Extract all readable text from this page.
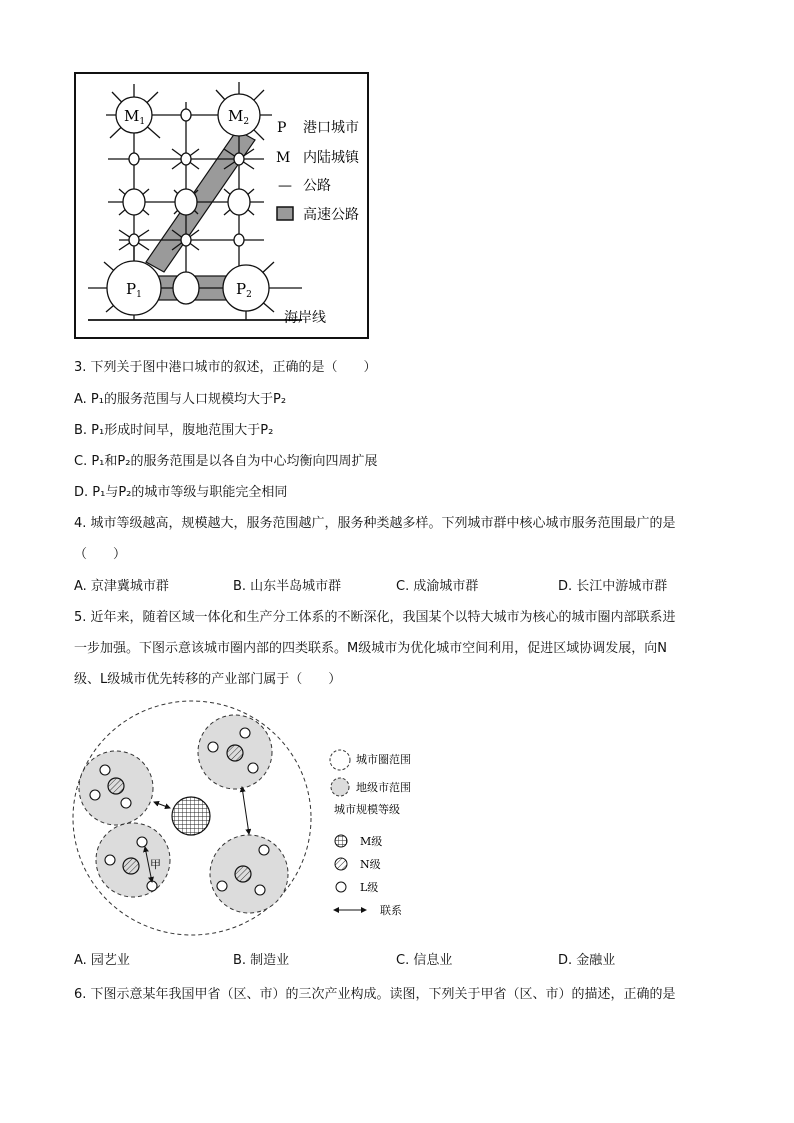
$M_1$	$M_2$
$P_1$	$P_2$
P 港口城市
M 内陆城镇
— 公路
高速公路
海岸线
3. 下列关于图中港口城市的叙述，正确的是（　　）
A. P₁的服务范围与人口规模均大于P₂
B. P₁形成时间早，腹地范围大于P₂
C. P₁和P₂的服务范围是以各自为中心均衡向四周扩展
D. P₁与P₂的城市等级与职能完全相同
4. 城市等级越高，规模越大，服务范围越广，服务种类越多样。下列城市群中核心城市服务范围最广的是
（　　）
A. 京津冀城市群	B. 山东半岛城市群	C. 成渝城市群	D. 长江中游城市群
5. 近年来，随着区域一体化和生产分工体系的不断深化，我国某个以特大城市为核心的城市圈内部联系进
一步加强。下图示意该城市圈内部的四类联系。M级城市为优化城市空间利用，促进区域协调发展，向N
级、L级城市优先转移的产业部门属于（　　）
甲
城市圈范围
地级市范围
城市规模等级
M级
N级
L级
联系
A. 园艺业	B. 制造业	C. 信息业	D. 金融业
6. 下图示意某年我国甲省（区、市）的三次产业构成。读图，下列关于甲省（区、市）的描述，正确的是
